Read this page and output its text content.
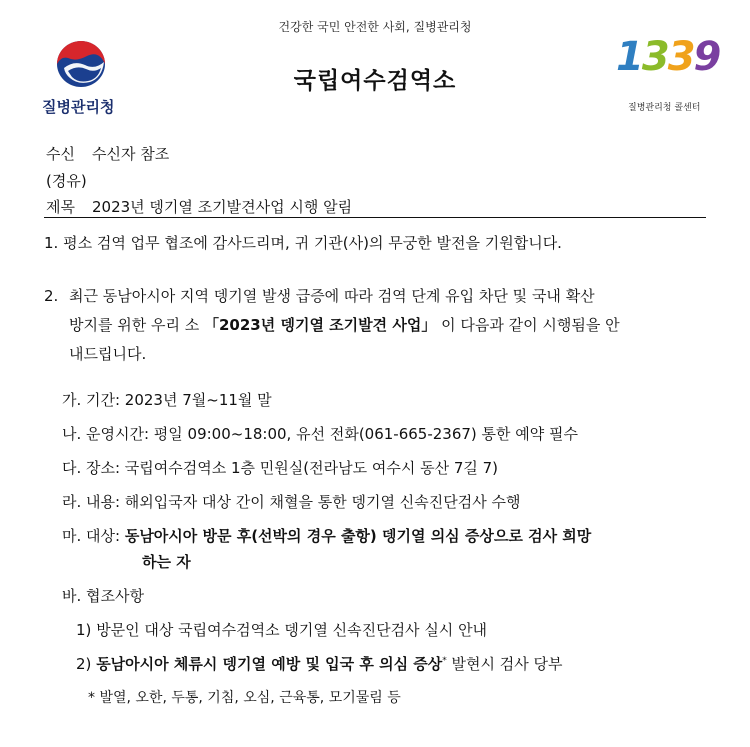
건강한 국민 안전한 사회, 질병관리청
질병관리청
국립여수검역소
1339
질병관리청 콜센터
수신 수신자 참조
(경유)
제목 2023년 뎅기열 조기발견사업 시행 알림
1. 평소 검역 업무 협조에 감사드리며, 귀 기관(사)의 무궁한 발전을 기원합니다.
2. 최근 동남아시아 지역 뎅기열 발생 급증에 따라 검역 단계 유입 차단 및 국내 확산
방지를 위한 우리 소 「2023년 뎅기열 조기발견 사업」 이 다음과 같이 시행됨을 안
내드립니다.
가. 기간: 2023년 7월~11월 말
나. 운영시간: 평일 09:00~18:00, 유선 전화(061-665-2367) 통한 예약 필수
다. 장소: 국립여수검역소 1층 민원실(전라남도 여수시 동산 7길 7)
라. 내용: 해외입국자 대상 간이 채혈을 통한 뎅기열 신속진단검사 수행
마. 대상: 동남아시아 방문 후(선박의 경우 출항) 뎅기열 의심 증상으로 검사 희망
하는 자
바. 협조사항
1) 방문인 대상 국립여수검역소 뎅기열 신속진단검사 실시 안내
2) 동남아시아 체류시 뎅기열 예방 및 입국 후 의심 증상* 발현시 검사 당부
* 발열, 오한, 두통, 기침, 오심, 근육통, 모기물림 등
